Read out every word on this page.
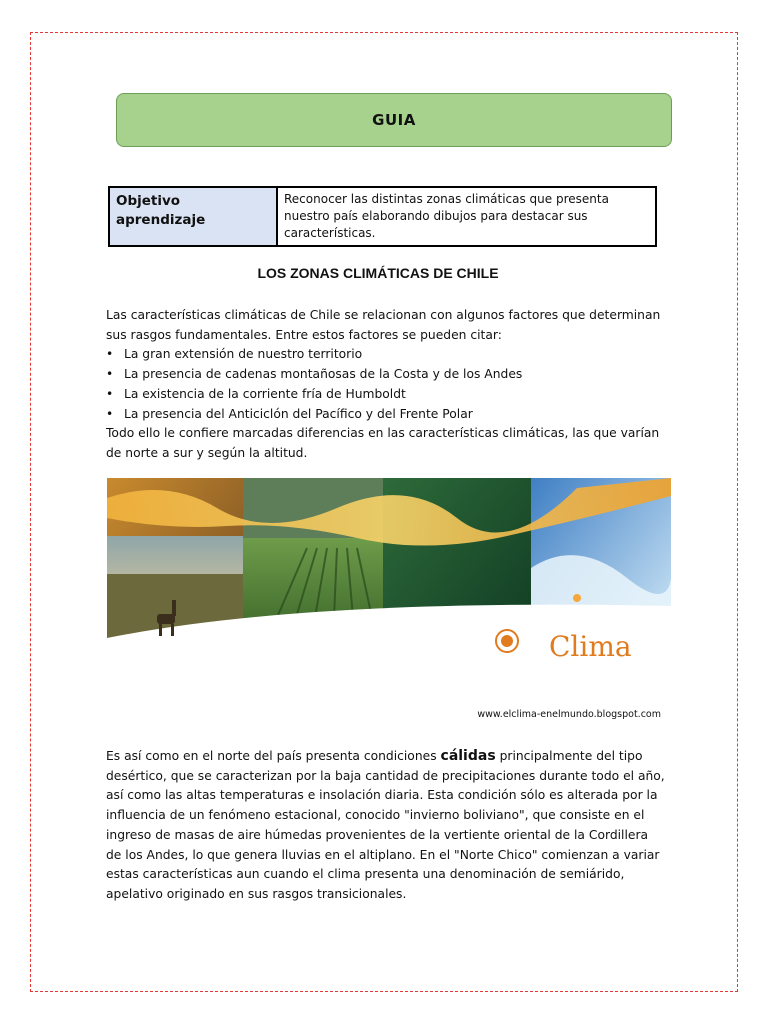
GUIA
Objetivo
aprendizaje
	Reconocer las distintas zonas climáticas que presenta nuestro país elaborando dibujos para destacar sus características.
LOS ZONAS CLIMÁTICAS DE CHILE
Las características climáticas de Chile se relacionan con algunos factores que determinan sus rasgos fundamentales. Entre estos factores se pueden citar:
• La gran extensión de nuestro territorio
• La presencia de cadenas montañosas de la Costa y de los Andes
• La existencia de la corriente fría de Humboldt
• La presencia del Anticiclón del Pacífico y del Frente Polar
Todo ello le confiere marcadas diferencias en las características climáticas, las que varían de norte a sur y según la altitud.
Clima
www.elclima-enelmundo.blogspot.com
Es así como en el norte del país presenta condiciones cálidas principalmente del tipo desértico, que se caracterizan por la baja cantidad de precipitaciones durante todo el año, así como las altas temperaturas e insolación diaria. Esta condición sólo es alterada por la influencia de un fenómeno estacional, conocido "invierno boliviano", que consiste en el ingreso de masas de aire húmedas provenientes de la vertiente oriental de la Cordillera de los Andes, lo que genera lluvias en el altiplano. En el "Norte Chico" comienzan a variar estas características aun cuando el clima presenta una denominación de semiárido, apelativo originado en sus rasgos transicionales.
